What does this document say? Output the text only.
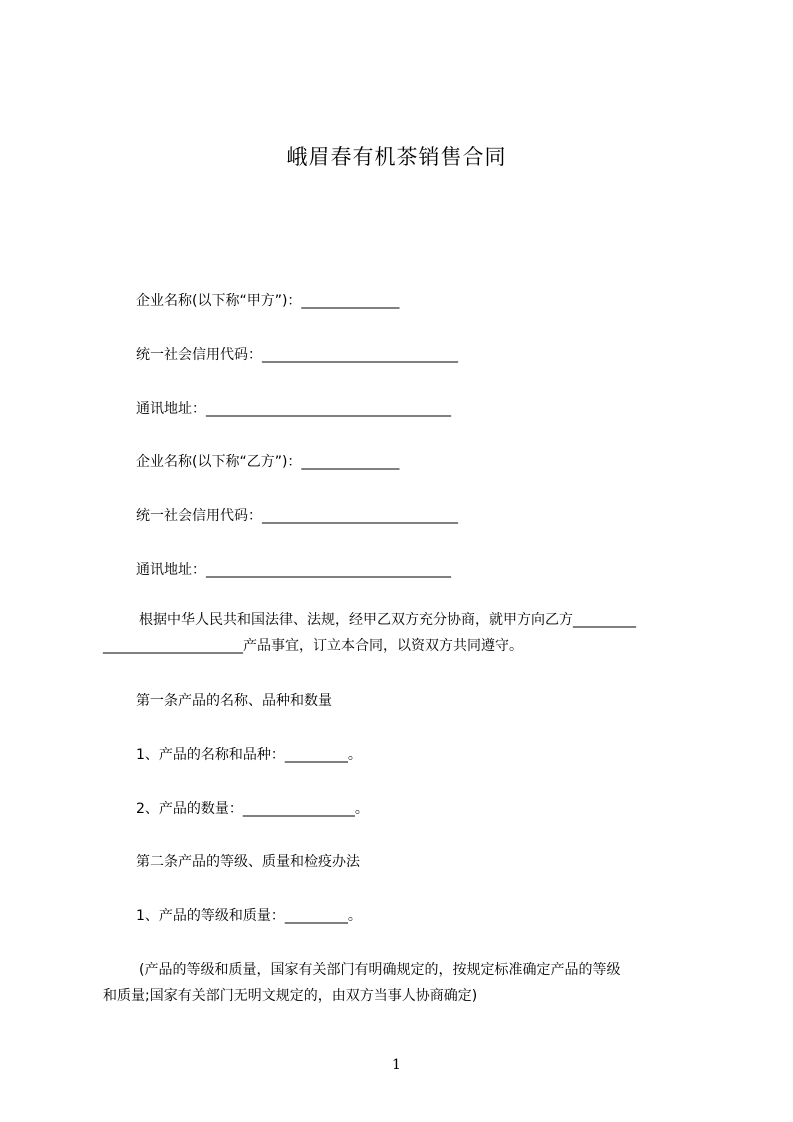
峨眉春有机茶销售合同
企业名称(以下称“甲方”)：______________
统一社会信用代码：____________________________
通讯地址：___________________________________
企业名称(以下称“乙方”)：______________
统一社会信用代码：____________________________
通讯地址：___________________________________
根据中华人民共和国法律、法规，经甲乙双方充分协商，就甲方向乙方_________
____________________产品事宜，订立本合同，以资双方共同遵守。
第一条产品的名称、品种和数量
1、产品的名称和品种：_________。
2、产品的数量：________________。
第二条产品的等级、质量和检疫办法
1、产品的等级和质量：_________。
(产品的等级和质量，国家有关部门有明确规定的，按规定标准确定产品的等级
和质量;国家有关部门无明文规定的，由双方当事人协商确定)
1
